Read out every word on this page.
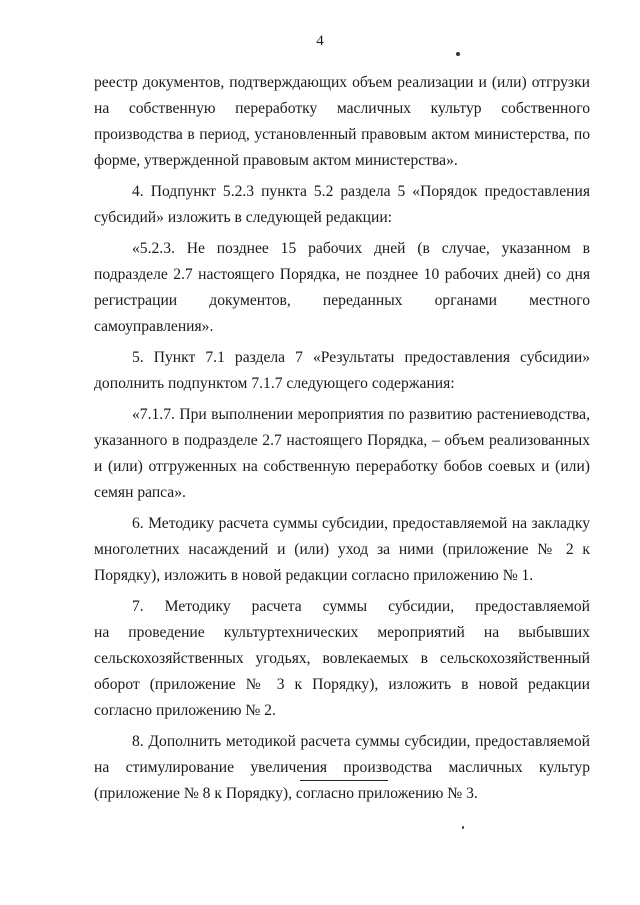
4

реестр документов, подтверждающих объем реализации и (или) отгрузки на собственную переработку масличных культур собственного производства в период, установленный правовым актом министерства, по форме, утвержденной правовым актом министерства».

4. Подпункт 5.2.3 пункта 5.2 раздела 5 «Порядок предоставления субсидий» изложить в следующей редакции:

«5.2.3. Не позднее 15 рабочих дней (в случае, указанном в подразделе 2.7 настоящего Порядка, не позднее 10 рабочих дней) со дня регистрации документов, переданных органами местного самоуправления».

5. Пункт 7.1 раздела 7 «Результаты предоставления субсидии» дополнить подпунктом 7.1.7 следующего содержания:

«7.1.7. При выполнении мероприятия по развитию растениеводства, указанного в подразделе 2.7 настоящего Порядка, – объем реализованных и (или) отгруженных на собственную переработку бобов соевых и (или) семян рапса».

6. Методику расчета суммы субсидии, предоставляемой на закладку многолетних насаждений и (или) уход за ними (приложение № 2 к Порядку), изложить в новой редакции согласно приложению № 1.

7. Методику расчета суммы субсидии, предоставляемой
на проведение культуртехнических мероприятий на выбывших
сельскохозяйственных угодьях, вовлекаемых в сельскохозяйственный оборот (приложение № 3 к Порядку), изложить в новой редакции согласно приложению № 2.

8. Дополнить методикой расчета суммы субсидии, предоставляемой на стимулирование увеличения производства масличных культур (приложение № 8 к Порядку), согласно приложению № 3.
